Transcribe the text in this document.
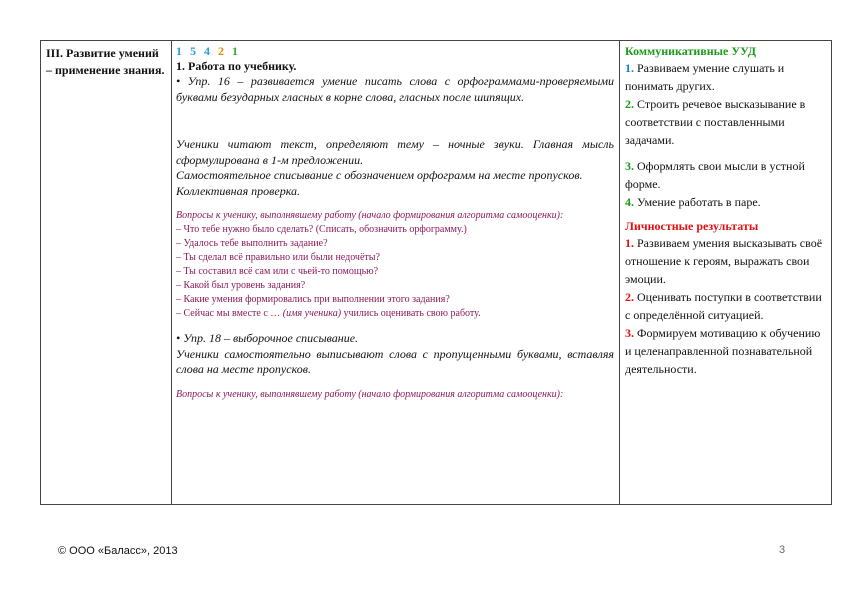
III. Развитие умений – применение знания.
1 5 4 2 1
1. Работа по учебнику.
• Упр. 16 – развивается умение писать слова с орфограммами-проверяемыми буквами безударных гласных в корне слова, гласных после шипящих.
Ученики читают текст, определяют тему – ночные звуки. Главная мысль сформулирована в 1-м предложении.
Самостоятельное списывание с обозначением орфограмм на месте пропусков.
Коллективная проверка.
Вопросы к ученику, выполнявшему работу (начало формирования алгоритма самооценки):
– Что тебе нужно было сделать? (Списать, обозначить орфограмму.)
– Удалось тебе выполнить задание?
– Ты сделал всё правильно или были недочёты?
– Ты составил всё сам или с чьей-то помощью?
– Какой был уровень задания?
– Какие умения формировались при выполнении этого задания?
– Сейчас мы вместе с … (имя ученика) учились оценивать свою работу.
• Упр. 18 – выборочное списывание.
Ученики самостоятельно выписывают слова с пропущенными буквами, вставляя слова на месте пропусков.
Вопросы к ученику, выполнявшему работу (начало формирования алгоритма самооценки):
Коммуникативные УУД
1. Развиваем умение слушать и понимать других.
2. Строить речевое высказывание в соответствии с поставленными задачами.
3. Оформлять свои мысли в устной форме.
4. Умение работать в паре.
Личностные результаты
1. Развиваем умения высказывать своё отношение к героям, выражать свои эмоции.
2. Оценивать поступки в соответствии с определённой ситуацией.
3. Формируем мотивацию к обучению и целенаправленной познавательной деятельности.
© ООО «Баласс», 2013	3
